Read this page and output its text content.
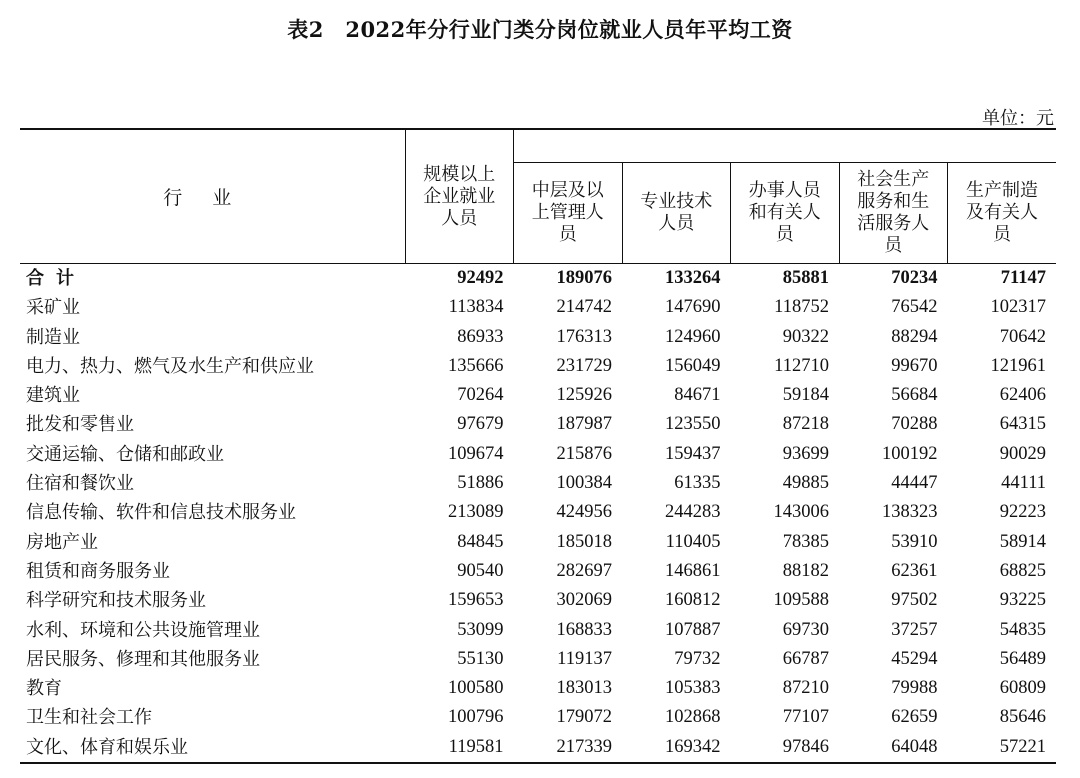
表2　2022年分行业门类分岗位就业人员年平均工资
单位：元
行业	规模以上企业就业人员					

		中层及以上管理人员	专业技术人员	办事人员和有关人员	社会生产服务和生活服务人员	生产制造及有关人员

合计	92492	189076	133264	85881	70234	71147
采矿业	113834	214742	147690	118752	76542	102317
制造业	86933	176313	124960	90322	88294	70642
电力、热力、燃气及水生产和供应业	135666	231729	156049	112710	99670	121961
建筑业	70264	125926	84671	59184	56684	62406
批发和零售业	97679	187987	123550	87218	70288	64315
交通运输、仓储和邮政业	109674	215876	159437	93699	100192	90029
住宿和餐饮业	51886	100384	61335	49885	44447	44111
信息传输、软件和信息技术服务业	213089	424956	244283	143006	138323	92223
房地产业	84845	185018	110405	78385	53910	58914
租赁和商务服务业	90540	282697	146861	88182	62361	68825
科学研究和技术服务业	159653	302069	160812	109588	97502	93225
水利、环境和公共设施管理业	53099	168833	107887	69730	37257	54835
居民服务、修理和其他服务业	55130	119137	79732	66787	45294	56489
教育	100580	183013	105383	87210	79988	60809
卫生和社会工作	100796	179072	102868	77107	62659	85646
文化、体育和娱乐业	119581	217339	169342	97846	64048	57221
